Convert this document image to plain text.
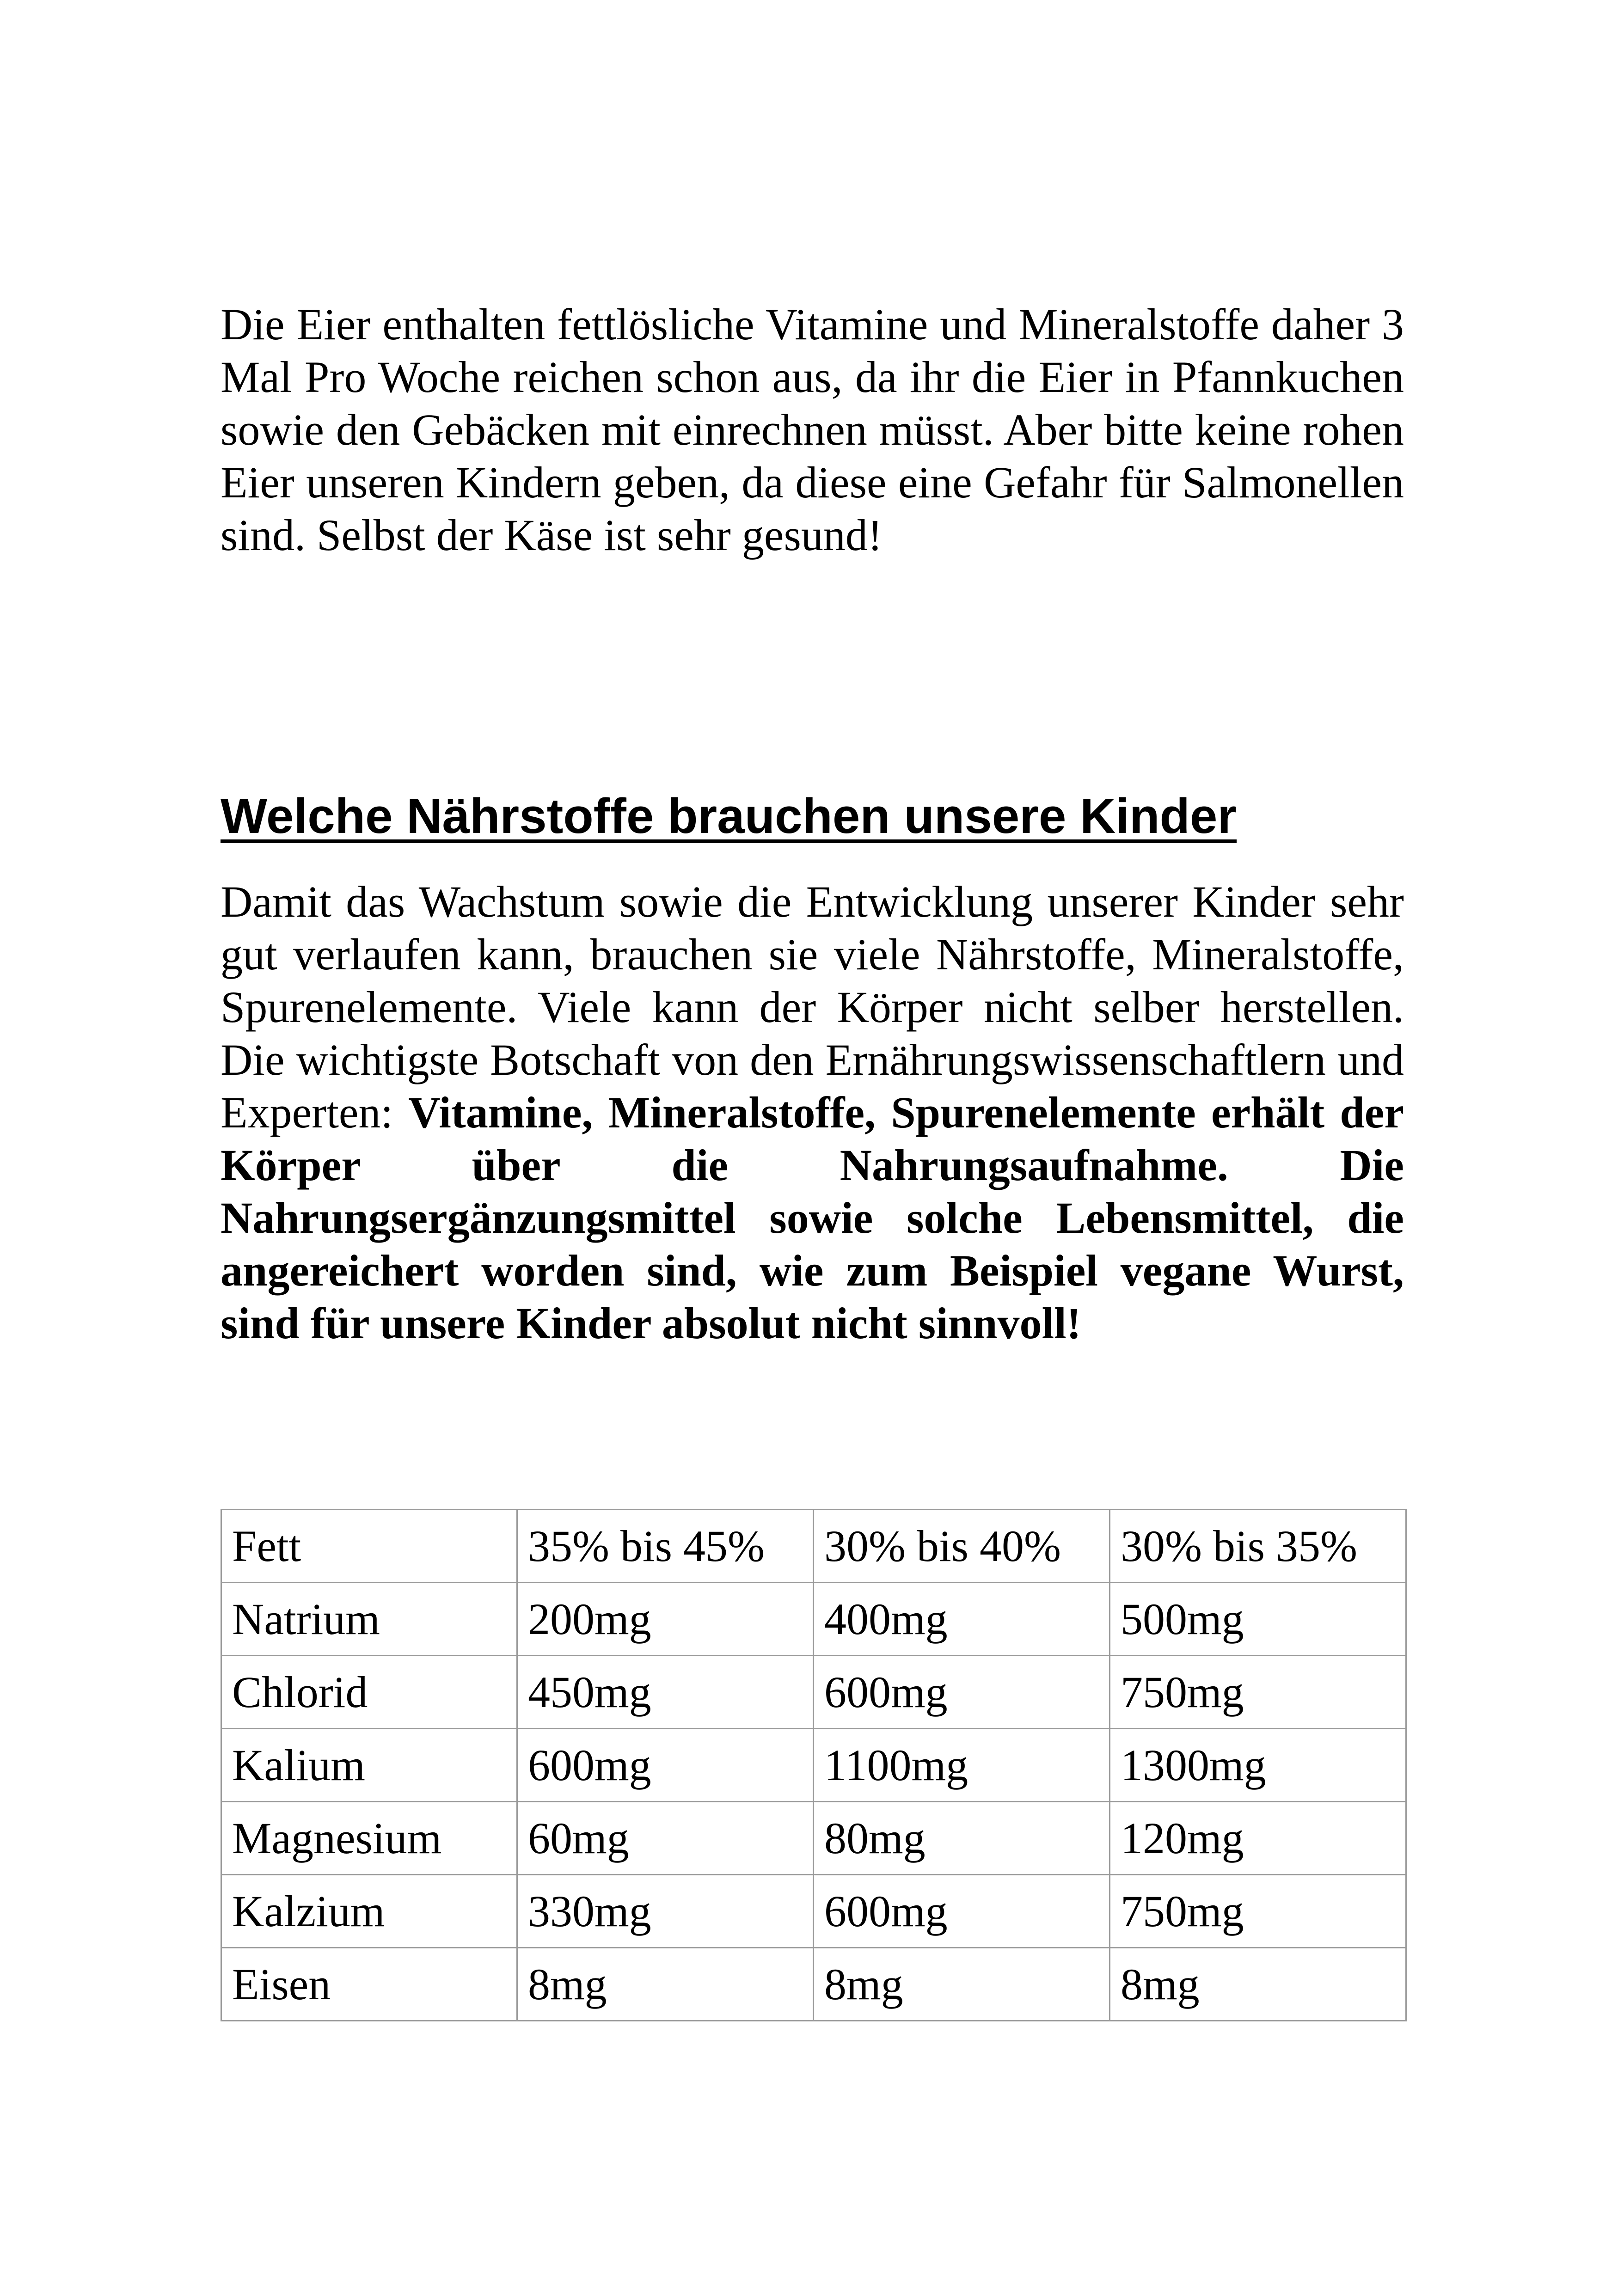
Die Eier enthalten fettlösliche Vitamine und Mineralstoffe daher 3 Mal Pro Woche reichen schon aus, da ihr die Eier in Pfannkuchen sowie den Gebäcken mit einrechnen müsst. Aber bitte keine rohen Eier unseren Kindern geben, da diese eine Gefahr für Salmonellen sind. Selbst der Käse ist sehr gesund!

Welche Nährstoffe brauchen unsere Kinder

Damit das Wachstum sowie die Entwicklung unserer Kinder sehr gut verlaufen kann, brauchen sie viele Nährstoffe, Mineralstoffe, Spurenelemente. Viele kann der Körper nicht selber herstellen. Die wichtigste Botschaft von den Ernährungswissenschaftlern und Experten: Vitamine, Mineralstoffe, Spurenelemente erhält der Körper über die Nahrungsaufnahme. Die Nahrungsergänzungsmittel sowie solche Lebensmittel, die angereichert worden sind, wie zum Beispiel vegane Wurst, sind für unsere Kinder absolut nicht sinnvoll!

Fett	35% bis 45%	30% bis 40%	30% bis 35%
Natrium	200mg	400mg	500mg
Chlorid	450mg	600mg	750mg
Kalium	600mg	1100mg	1300mg
Magnesium	60mg	80mg	120mg
Kalzium	330mg	600mg	750mg
Eisen	8mg	8mg	8mg
